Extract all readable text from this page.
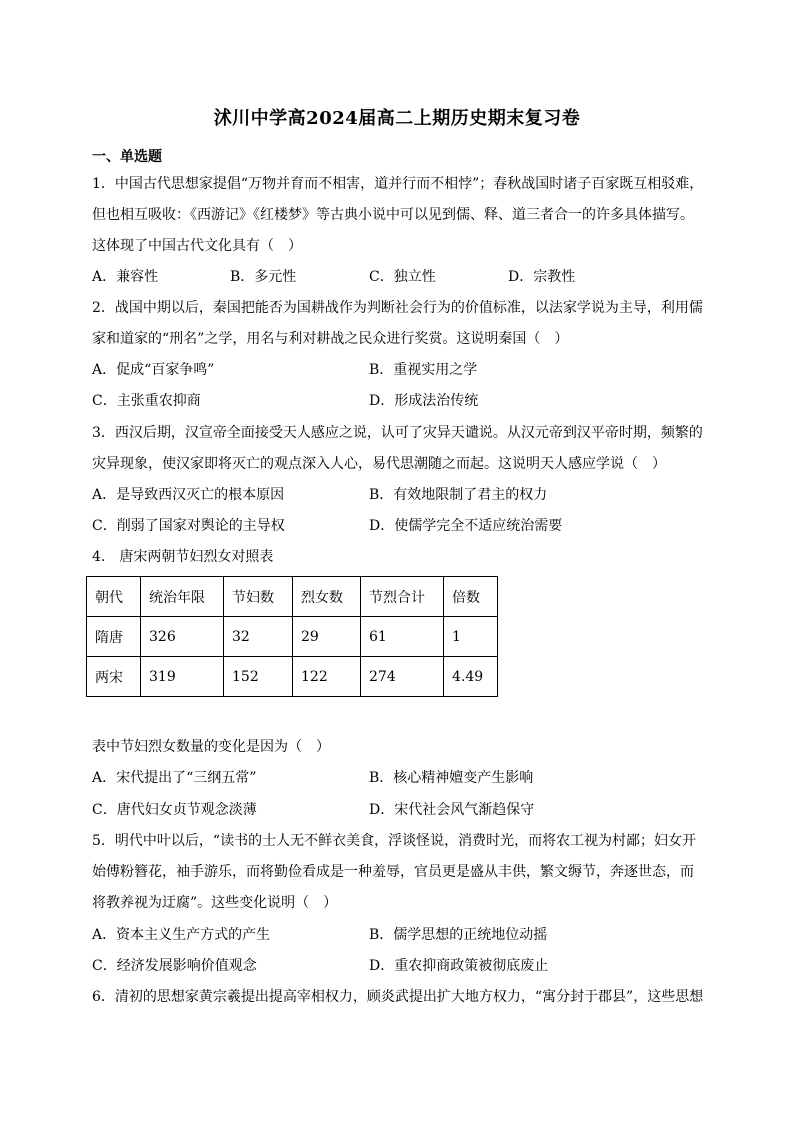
沭川中学高2024届高二上期历史期末复习卷
一、单选题
1．中国古代思想家提倡“万物并育而不相害，道并行而不相悖”；春秋战国时诸子百家既互相驳难，
但也相互吸收：《西游记》《红楼梦》等古典小说中可以见到儒、释、道三者合一的许多具体描写。
这体现了中国古代文化具有（　）
A．兼容性	B．多元性	C．独立性	D．宗教性
2．战国中期以后，秦国把能否为国耕战作为判断社会行为的价值标准，以法家学说为主导，利用儒
家和道家的“刑名”之学，用名与利对耕战之民众进行奖赏。这说明秦国（　）
A．促成“百家争鸣”	B．重视实用之学
C．主张重农抑商	D．形成法治传统
3．西汉后期，汉宣帝全面接受天人感应之说，认可了灾异天谴说。从汉元帝到汉平帝时期，频繁的
灾异现象，使汉家即将灭亡的观点深入人心，易代思潮随之而起。这说明天人感应学说（　）
A．是导致西汉灭亡的根本原因	B．有效地限制了君主的权力
C．削弱了国家对舆论的主导权	D．使儒学完全不适应统治需要
4． 唐宋两朝节妇烈女对照表
朝代	统治年限	节妇数	烈女数	节烈合计	倍数
隋唐	326	32	29	61	1
两宋	319	152	122	274	4.49
表中节妇烈女数量的变化是因为（　）
A．宋代提出了“三纲五常”	B．核心精神嬗变产生影响
C．唐代妇女贞节观念淡薄	D．宋代社会风气渐趋保守
5．明代中叶以后，“读书的士人无不鲜衣美食，浮谈怪说，消费时光，而将农工视为村鄙；妇女开
始傅粉簪花，袖手游乐，而将勤俭看成是一种羞辱，官员更是盛从丰供，繁文缛节，奔逐世态，而
将教养视为迂腐”。这些变化说明（　）
A．资本主义生产方式的产生	B．儒学思想的正统地位动摇
C．经济发展影响价值观念	D．重农抑商政策被彻底废止
6．清初的思想家黄宗羲提出提高宰相权力，顾炎武提出扩大地方权力，“寓分封于郡县”，这些思想
